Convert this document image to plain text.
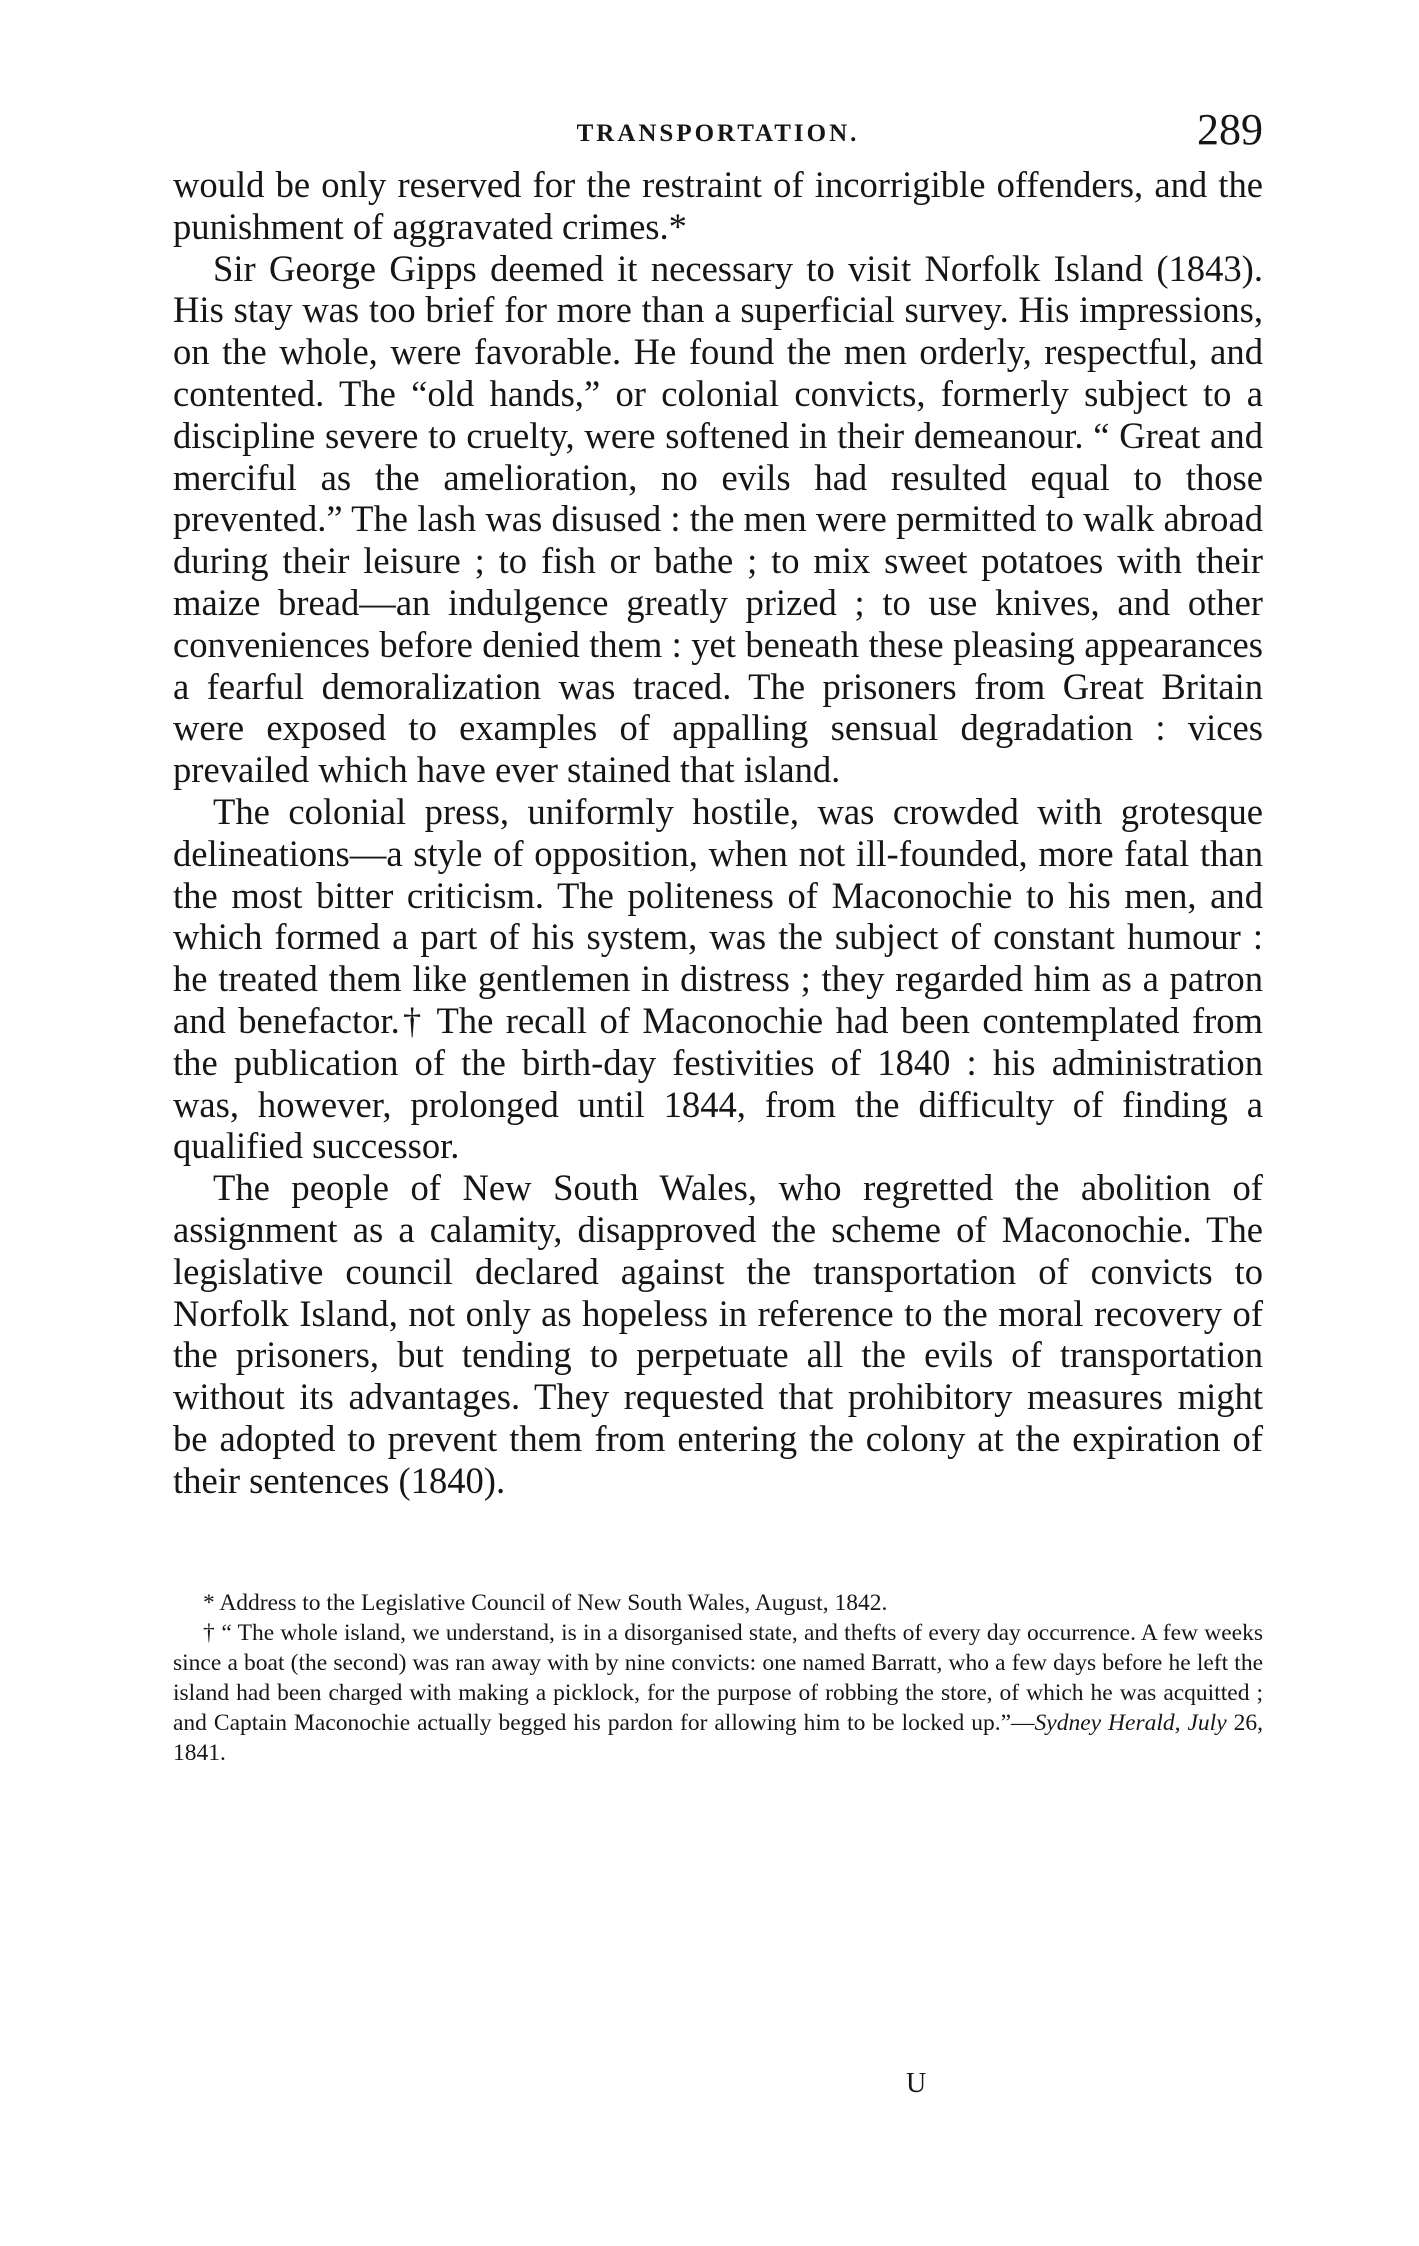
TRANSPORTATION.	289

would be only reserved for the restraint of incorrigible offenders, and the punishment of aggravated crimes.*

Sir George Gipps deemed it necessary to visit Norfolk Island (1843). His stay was too brief for more than a superficial survey. His impressions, on the whole, were favorable. He found the men orderly, respectful, and contented. The “old hands,” or colonial convicts, formerly subject to a discipline severe to cruelty, were softened in their demeanour. “ Great and merciful as the amelioration, no evils had resulted equal to those prevented.” The lash was disused : the men were permitted to walk abroad during their leisure ; to fish or bathe ; to mix sweet potatoes with their maize bread—an indulgence greatly prized ; to use knives, and other conveniences before denied them : yet beneath these pleasing appearances a fearful demoralization was traced. The prisoners from Great Britain were exposed to examples of appalling sensual degradation : vices prevailed which have ever stained that island.

The colonial press, uniformly hostile, was crowded with grotesque delineations—a style of opposition, when not ill-founded, more fatal than the most bitter criticism. The politeness of Maconochie to his men, and which formed a part of his system, was the subject of constant humour : he treated them like gentlemen in distress ; they regarded him as a patron and benefactor.† The recall of Maconochie had been contemplated from the publication of the birth-day festivities of 1840 : his administration was, however, prolonged until 1844, from the difficulty of finding a qualified successor.

The people of New South Wales, who regretted the abolition of assignment as a calamity, disapproved the scheme of Maconochie. The legislative council declared against the transportation of convicts to Norfolk Island, not only as hopeless in reference to the moral recovery of the prisoners, but tending to perpetuate all the evils of transportation without its advantages. They requested that prohibitory measures might be adopted to prevent them from entering the colony at the expiration of their sentences (1840).

* Address to the Legislative Council of New South Wales, August, 1842.

† “ The whole island, we understand, is in a disorganised state, and thefts of every day occurrence. A few weeks since a boat (the second) was ran away with by nine convicts: one named Barratt, who a few days before he left the island had been charged with making a picklock, for the purpose of robbing the store, of which he was acquitted ; and Captain Maconochie actually begged his pardon for allowing him to be locked up.”—Sydney Herald, July 26, 1841.

U
